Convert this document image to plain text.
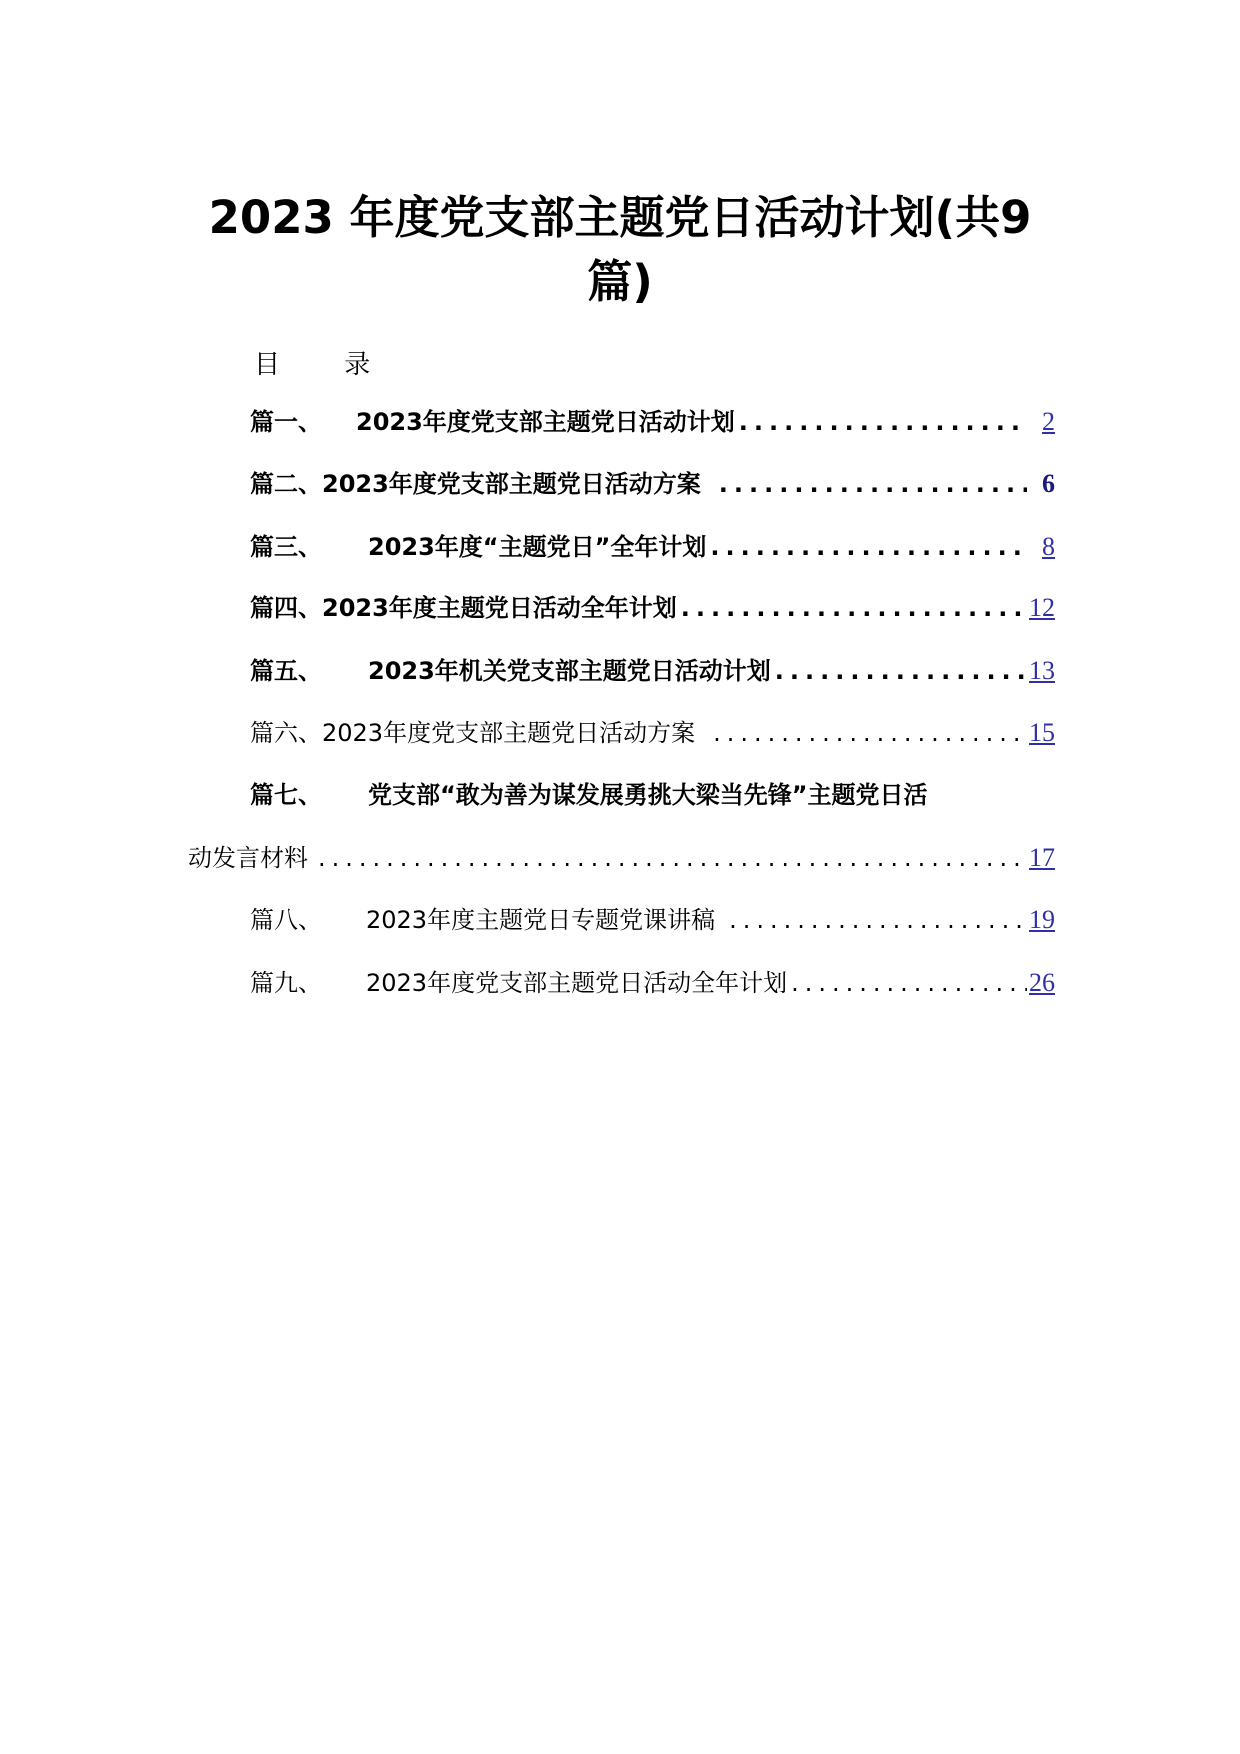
2023 年度党支部主题党日活动计划(共9篇)
目 录
篇一、 2023年度党支部主题党日活动计划 .....	2
篇二、 2023年度党支部主题党日活动方案 .....	6
篇三、 2023年度“主题党日”全年计划 .....	8
篇四、 2023年度主题党日活动全年计划 .....	12
篇五、 2023年机关党支部主题党日活动计划 .....	13
篇六、 2023年度党支部主题党日活动方案 .....	15
篇七、 党支部“敢为善为谋发展勇挑大梁当先锋”主题党日活
动发言材料 .....	17
篇八、 2023年度主题党日专题党课讲稿 .....	19
篇九、 2023年度党支部主题党日活动全年计划 .....	26
